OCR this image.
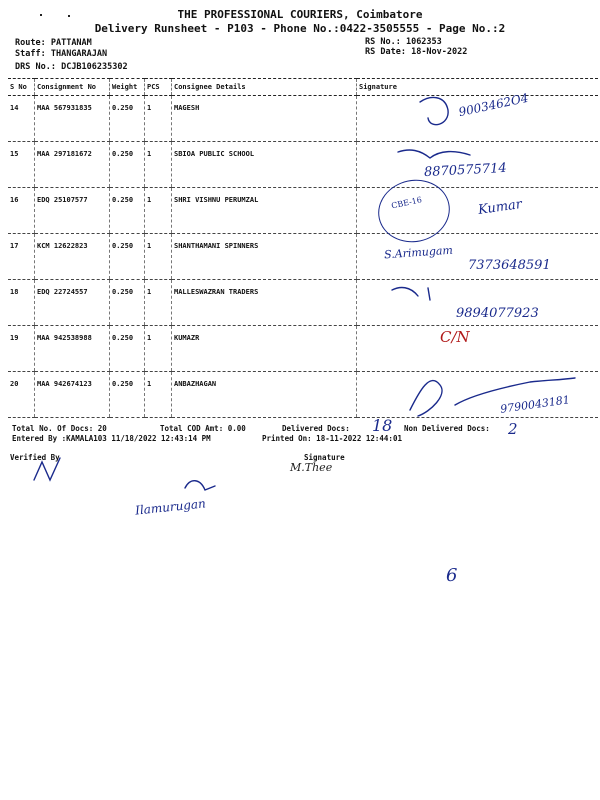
THE PROFESSIONAL COURIERS, Coimbatore
Delivery Runsheet - P103 - Phone No.:0422-3505555 - Page No.:2
Route: PATTANAM
Staff: THANGARAJAN
DRS No.: DCJB106235302
RS No.: 1062353
RS Date: 18-Nov-2022
S No	Consignment No	Weight	PCS	Consignee Details	Signature

14	MAA 567931835	0.250	1	MAGESH	

15	MAA 297181672	0.250	1	SBIOA PUBLIC SCHOOL	

16	EDQ 25107577	0.250	1	SHRI VISHNU PERUMZAL	

17	KCM 12622823	0.250	1	SHANTHAMANI SPINNERS	

18	EDQ 22724557	0.250	1	MALLESWAZRAN TRADERS	

19	MAA 942538988	0.250	1	KUMAZR	

20	MAA 942674123	0.250	1	ANBAZHAGAN	

Total No. Of Docs: 20	Total COD Amt: 0.00	Delivered Docs:	Non Delivered Docs:
Entered By :KAMALA103 11/18/2022 12:43:14 PM	Printed On: 18-11-2022 12:44:01
Verified By	Signature
9003462O4
8870575714
CBE-16	Kumar
S.Arimugam
7373648591
9894077923
C/N
9790043181
18	2
M.Thee
Ilamurugan
6
